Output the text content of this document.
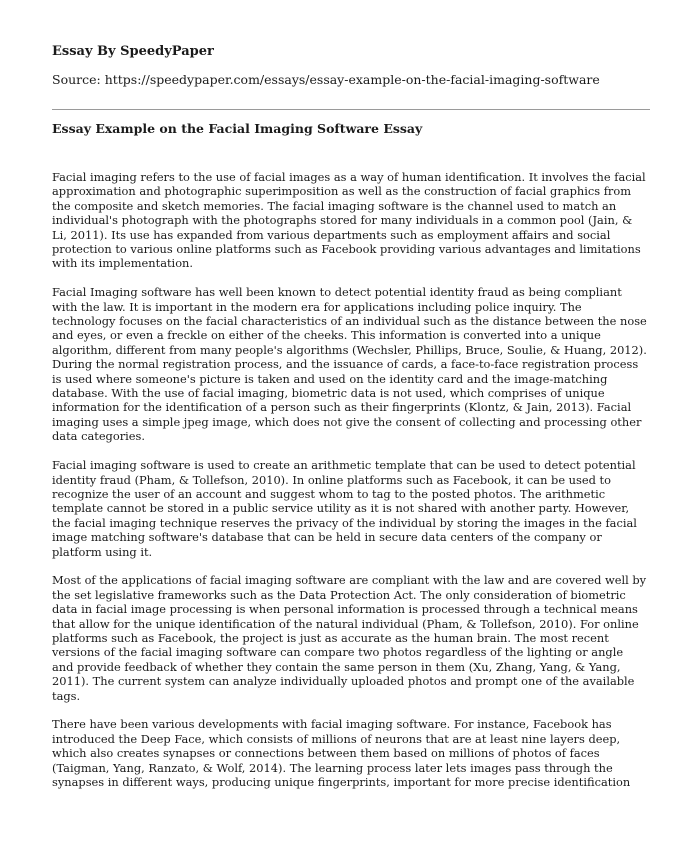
Essay By SpeedyPaper
Source: https://speedypaper.com/essays/essay-example-on-the-facial-imaging-software
Essay Example on the Facial Imaging Software Essay

Facial imaging refers to the use of facial images as a way of human identification. It involves the facial approximation and photographic superimposition as well as the construction of facial graphics from the composite and sketch memories. The facial imaging software is the channel used to match an individual's photograph with the photographs stored for many individuals in a common pool (Jain, & Li, 2011). Its use has expanded from various departments such as employment affairs and social protection to various online platforms such as Facebook providing various advantages and limitations with its implementation.

Facial Imaging software has well been known to detect potential identity fraud as being compliant with the law. It is important in the modern era for applications including police inquiry. The technology focuses on the facial characteristics of an individual such as the distance between the nose and eyes, or even a freckle on either of the cheeks. This information is converted into a unique algorithm, different from many people's algorithms (Wechsler, Phillips, Bruce, Soulie, & Huang, 2012). During the normal registration process, and the issuance of cards, a face-to-face registration process is used where someone's picture is taken and used on the identity card and the image-matching database. With the use of facial imaging, biometric data is not used, which comprises of unique information for the identification of a person such as their fingerprints (Klontz, & Jain, 2013). Facial imaging uses a simple jpeg image, which does not give the consent of collecting and processing other data categories.

Facial imaging software is used to create an arithmetic template that can be used to detect potential identity fraud (Pham, & Tollefson, 2010). In online platforms such as Facebook, it can be used to recognize the user of an account and suggest whom to tag to the posted photos. The arithmetic template cannot be stored in a public service utility as it is not shared with another party. However, the facial imaging technique reserves the privacy of the individual by storing the images in the facial image matching software's database that can be held in secure data centers of the company or platform using it.

Most of the applications of facial imaging software are compliant with the law and are covered well by the set legislative frameworks such as the Data Protection Act. The only consideration of biometric data in facial image processing is when personal information is processed through a technical means that allow for the unique identification of the natural individual (Pham, & Tollefson, 2010). For online platforms such as Facebook, the project is just as accurate as the human brain. The most recent versions of the facial imaging software can compare two photos regardless of the lighting or angle and provide feedback of whether they contain the same person in them (Xu, Zhang, Yang, & Yang, 2011). The current system can analyze individually uploaded photos and prompt one of the available tags.

There have been various developments with facial imaging software. For instance, Facebook has introduced the Deep Face, which consists of millions of neurons that are at least nine layers deep, which also creates synapses or connections between them based on millions of photos of faces (Taigman, Yang, Ranzato, & Wolf, 2014). The learning process later lets images pass through the synapses in different ways, producing unique fingerprints, important for more precise identification
